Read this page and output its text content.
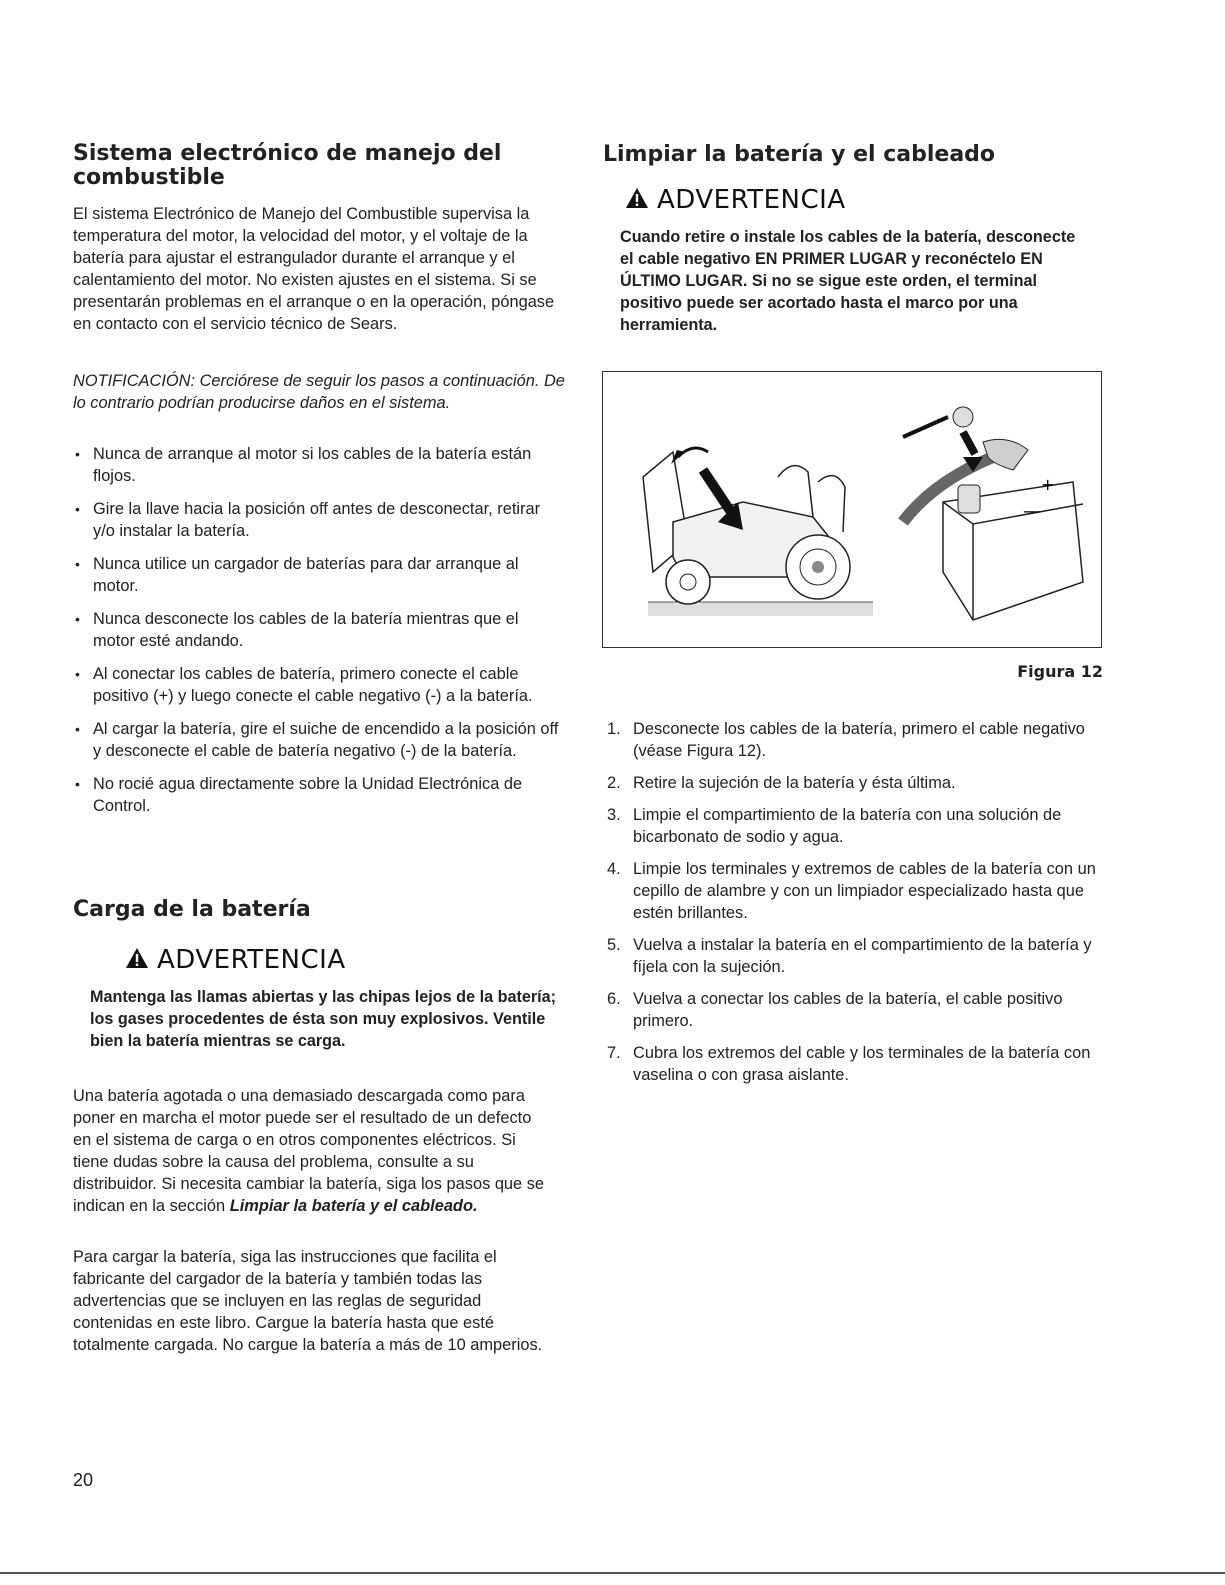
Sistema electrónico de manejo del combustible

El sistema Electrónico de Manejo del Combustible supervisa la temperatura del motor, la velocidad del motor, y el voltaje de la batería para ajustar el estrangulador durante el arranque y el calentamiento del motor. No existen ajustes en el sistema. Si se presentarán problemas en el arranque o en la operación, póngase en contacto con el servicio técnico de Sears.

NOTIFICACIÓN: Cerciórese de seguir los pasos a continuación. De lo contrario podrían producirse daños en el sistema.

• Nunca de arranque al motor si los cables de la batería están flojos.
• Gire la llave hacia la posición off antes de desconectar, retirar y/o instalar la batería.
• Nunca utilice un cargador de baterías para dar arranque al motor.
• Nunca desconecte los cables de la batería mientras que el motor esté andando.
• Al conectar los cables de batería, primero conecte el cable positivo (+) y luego conecte el cable negativo (-) a la batería.
• Al cargar la batería, gire el suiche de encendido a la posición off y desconecte el cable de batería negativo (-) de la batería.
• No rocié agua directamente sobre la Unidad Electrónica de Control.
Carga de la batería
ADVERTENCIA
Mantenga las llamas abiertas y las chipas lejos de la batería; los gases procedentes de ésta son muy explosivos. Ventile bien la batería mientras se carga.

Una batería agotada o una demasiado descargada como para poner en marcha el motor puede ser el resultado de un defecto en el sistema de carga o en otros componentes eléctricos. Si tiene dudas sobre la causa del problema, consulte a su distribuidor. Si necesita cambiar la batería, siga los pasos que se indican en la sección Limpiar la batería y el cableado.

Para cargar la batería, siga las instrucciones que facilita el fabricante del cargador de la batería y también todas las advertencias que se incluyen en las reglas de seguridad contenidas en este libro. Cargue la batería hasta que esté totalmente cargada. No cargue la batería a más de 10 amperios.

Limpiar la batería y el cableado
ADVERTENCIA
Cuando retire o instale los cables de la batería, desconecte el cable negativo EN PRIMER LUGAR y reconéctelo EN ÚLTIMO LUGAR. Si no se sigue este orden, el terminal positivo puede ser acortado hasta el marco por una herramienta.
—
+
Figura 12
1. Desconecte los cables de la batería, primero el cable negativo (véase Figura 12).
2. Retire la sujeción de la batería y ésta última.
3. Limpie el compartimiento de la batería con una solución de bicarbonato de sodio y agua.
4. Limpie los terminales y extremos de cables de la batería con un cepillo de alambre y con un limpiador especializado hasta que estén brillantes.
5. Vuelva a instalar la batería en el compartimiento de la batería y fíjela con la sujeción.
6. Vuelva a conectar los cables de la batería, el cable positivo primero.
7. Cubra los extremos del cable y los terminales de la batería con vaselina o con grasa aislante.
20
